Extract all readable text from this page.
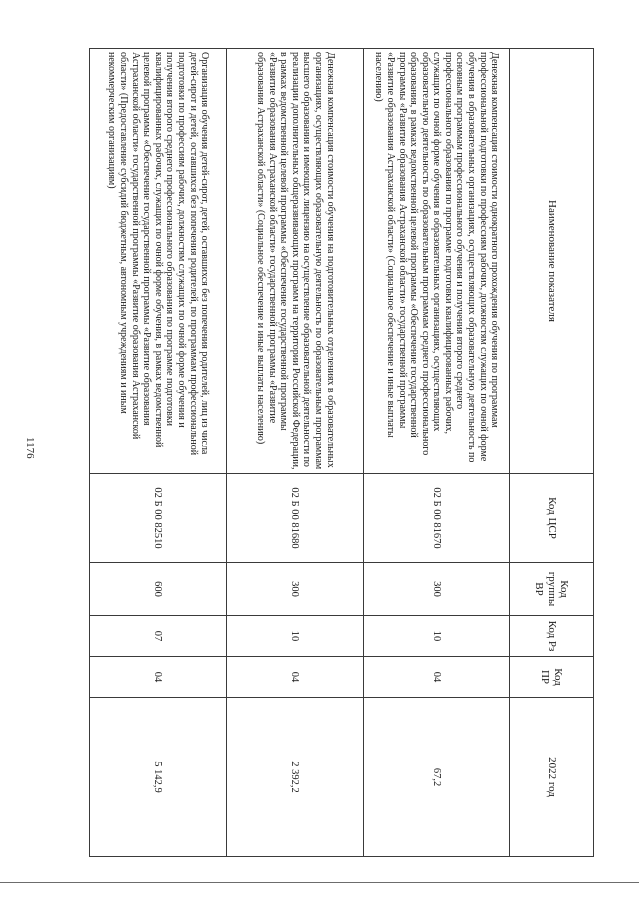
1176
Наименование показателя	Код ЦСР	Код группы ВР	Код Рз	Код ПР	2022 год
Денежная компенсация стоимости однократного прохождения обучения по программам профессиональной подготовки по профессиям рабочих, должностям служащих по очной форме обучения в образовательных организациях, осуществляющих образовательную деятельность по основным программам профессионального обучения и получения второго среднего профессионального образования по программе подготовки квалифицированных рабочих, служащих по очной форме обучения в образовательных организациях, осуществляющих образовательную деятельность по образовательным программам среднего профессионального образования, в рамках ведомственной целевой программы «Обеспечение государственной программы «Развитие образования Астраханской области» государственной программы «Развитие образования Астраханской области» (Социальное обеспечение и иные выплаты населению)	02 Б 00 81670	300	10	04	67,2
Денежная компенсация стоимости обучения на подготовительных отделениях в образовательных организациях, осуществляющих образовательную деятельность по образовательным программам высшего образования и имеющих лицензию на осуществление образовательной деятельности по реализации дополнительных общеразвивающих программ на территории Российской Федерации, в рамках ведомственной целевой программы «Обеспечение государственной программы «Развитие образования Астраханской области» государственной программы «Развитие образования Астраханской области» (Социальное обеспечение и иные выплаты населению)	02 Б 00 81680	300	10	04	2 392,2
Организация обучения детей-сирот, детей, оставшихся без попечения родителей, лиц из числа детей-сирот и детей, оставшихся без попечения родителей, по программам профессиональной подготовки по профессиям рабочих, должностям служащих по очной форме обучения и получения второго среднего профессионального образования по программе подготовки квалифицированных рабочих, служащих по очной форме обучения, в рамках ведомственной целевой программы «Обеспечение государственной программы «Развитие образования Астраханской области» государственной программы «Развитие образования Астраханской области» (Предоставление субсидий бюджетным, автономным учреждениям и иным некоммерческим организациям)	02 Б 00 82510	600	07	04	5 142,9
